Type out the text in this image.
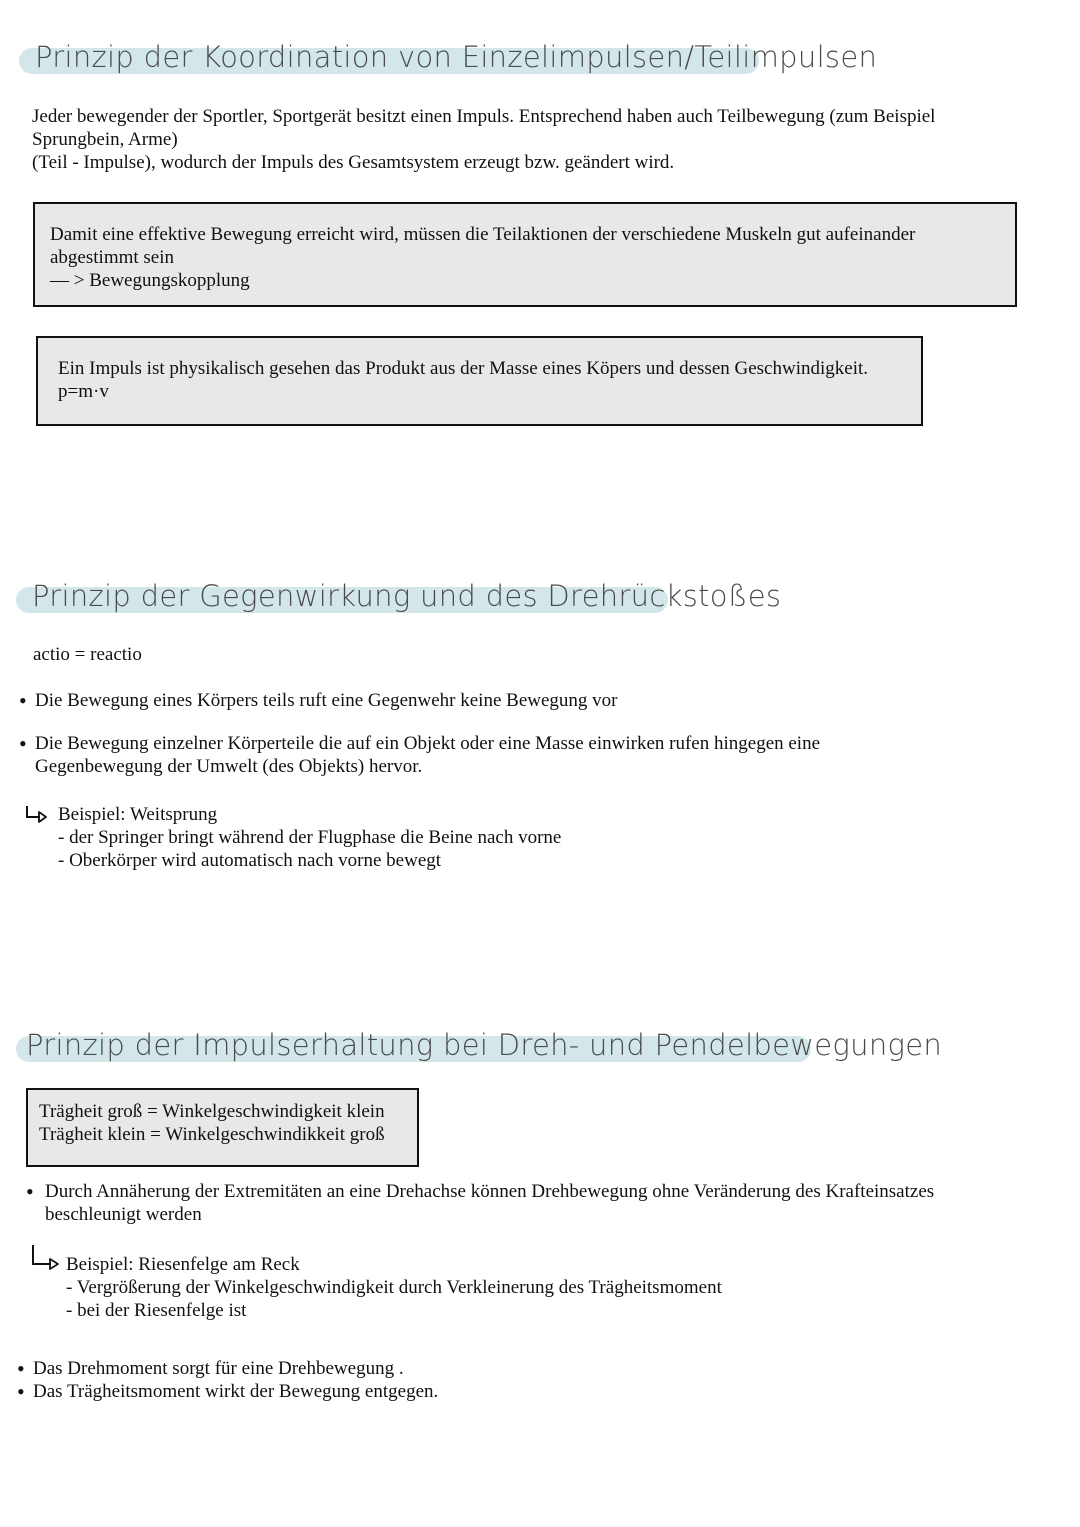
Prinzip der Koordination von Einzelimpulsen/Teilimpulsen
Jeder bewegender der Sportler, Sportgerät besitzt einen Impuls. Entsprechend haben auch Teilbewegung (zum Beispiel
Sprungbein, Arme)
(Teil - Impulse), wodurch der Impuls des Gesamtsystem erzeugt bzw. geändert wird.
Damit eine effektive Bewegung erreicht wird, müssen die Teilaktionen der verschiedene Muskeln gut aufeinander
abgestimmt sein
— > Bewegungskopplung
Ein Impuls ist physikalisch gesehen das Produkt aus der Masse eines Köpers und dessen Geschwindigkeit.
p=m·v
Prinzip der Gegenwirkung und des Drehrückstoßes
actio = reactio
• Die Bewegung eines Körpers teils ruft eine Gegenwehr keine Bewegung vor
• Die Bewegung einzelner Körperteile die auf ein Objekt oder eine Masse einwirken rufen hingegen eine
Gegenbewegung der Umwelt (des Objekts) hervor.
Beispiel: Weitsprung
- der Springer bringt während der Flugphase die Beine nach vorne
- Oberkörper wird automatisch nach vorne bewegt
Prinzip der Impulserhaltung bei Dreh- und Pendelbewegungen
Trägheit groß = Winkelgeschwindigkeit klein
Trägheit klein = Winkelgeschwindikkeit groß
• Durch Annäherung der Extremitäten an eine Drehachse können Drehbewegung ohne Veränderung des Krafteinsatzes
beschleunigt werden
Beispiel: Riesenfelge am Reck
- Vergrößerung der Winkelgeschwindigkeit durch Verkleinerung des Trägheitsmoment
- bei der Riesenfelge ist
• Das Drehmoment sorgt für eine Drehbewegung .
• Das Trägheitsmoment wirkt der Bewegung entgegen.
